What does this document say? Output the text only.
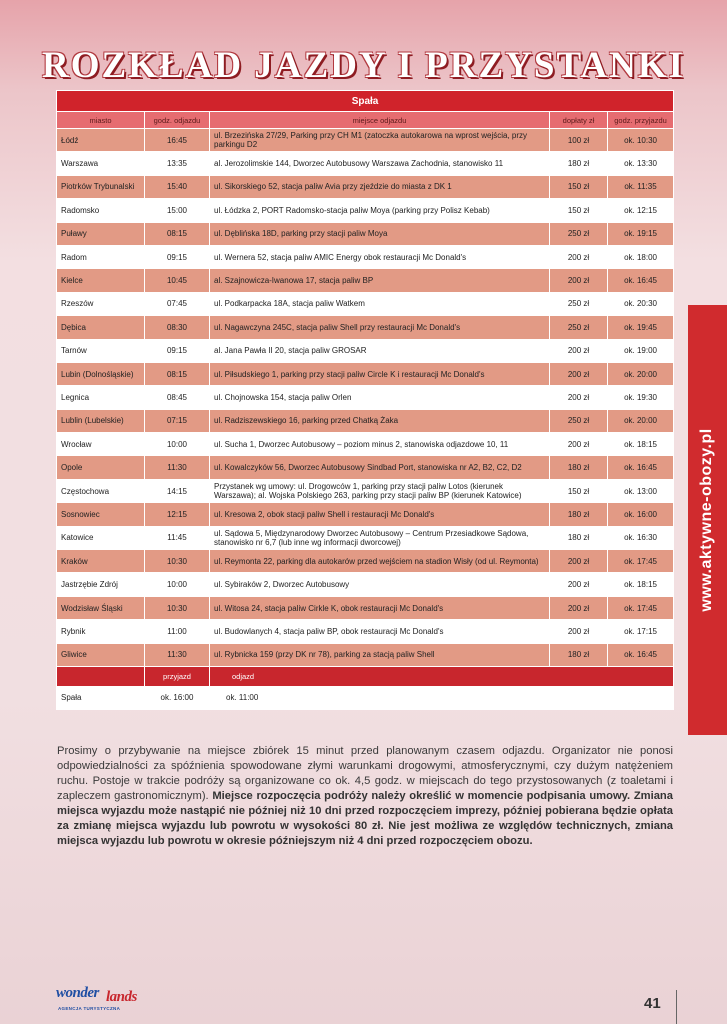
ROZKŁAD JAZDY I PRZYSTANKI
www.aktywne-obozy.pl
Spała				
miasto	godz. odjazdu	miejsce odjazdu	dopłaty zł	godz. przyjazdu
Łódź	16:45	ul. Brzezińska 27/29, Parking przy CH M1 (zatoczka autokarowa na wprost wejścia, przy parkingu D2	100 zł	ok. 10:30
Warszawa	13:35	al. Jerozolimskie 144, Dworzec Autobusowy Warszawa Zachodnia, stanowisko 11	180 zł	ok. 13:30
Piotrków Trybunalski	15:40	ul. Sikorskiego 52, stacja paliw Avia przy zjeździe do miasta z DK 1	150 zł	ok. 11:35
Radomsko	15:00	ul. Łódzka 2, PORT Radomsko-stacja paliw Moya (parking przy Polisz Kebab)	150 zł	ok. 12:15
Puławy	08:15	ul. Dęblińska 18D, parking przy stacji paliw Moya	250 zł	ok. 19:15
Radom	09:15	ul. Wernera 52, stacja paliw AMIC Energy obok restauracji Mc Donald's	200 zł	ok. 18:00
Kielce	10:45	al. Szajnowicza-Iwanowa 17, stacja paliw BP	200 zł	ok. 16:45
Rzeszów	07:45	ul. Podkarpacka 18A, stacja paliw Watkem	250 zł	ok. 20:30
Dębica	08:30	ul. Nagawczyna 245C, stacja paliw Shell przy restauracji Mc Donald's	250 zł	ok. 19:45
Tarnów	09:15	al. Jana Pawła II 20, stacja paliw GROSAR	200 zł	ok. 19:00
Lubin (Dolnośląskie)	08:15	ul. Piłsudskiego 1, parking przy stacji paliw Circle K i restauracji Mc Donald's	200 zł	ok. 20:00
Legnica	08:45	ul. Chojnowska 154, stacja paliw Orlen	200 zł	ok. 19:30
Lublin (Lubelskie)	07:15	ul. Radziszewskiego 16, parking przed Chatką Żaka	250 zł	ok. 20:00
Wrocław	10:00	ul. Sucha 1, Dworzec Autobusowy – poziom minus 2, stanowiska odjazdowe 10, 11	200 zł	ok. 18:15
Opole	11:30	ul. Kowalczyków 56, Dworzec Autobusowy Sindbad Port, stanowiska nr A2, B2, C2, D2	180 zł	ok. 16:45
Częstochowa	14:15	Przystanek wg umowy: ul. Drogowców 1, parking przy stacji paliw Lotos (kierunek Warszawa); al. Wojska Polskiego 263, parking przy stacji paliw BP (kierunek Katowice)	150 zł	ok. 13:00
Sosnowiec	12:15	ul. Kresowa 2, obok stacji paliw Shell i restauracji Mc Donald's	180 zł	ok. 16:00
Katowice	11:45	ul. Sądowa 5, Międzynarodowy Dworzec Autobusowy – Centrum Przesiadkowe Sądowa, stanowisko nr 6,7 (lub inne wg informacji dworcowej)	180 zł	ok. 16:30
Kraków	10:30	ul. Reymonta 22, parking dla autokarów przed wejściem na stadion Wisły (od ul. Reymonta)	200 zł	ok. 17:45
Jastrzębie Zdrój	10:00	ul. Sybiraków 2, Dworzec Autobusowy	200 zł	ok. 18:15
Wodzisław Śląski	10:30	ul. Witosa 24, stacja paliw Cirkle K, obok restauracji Mc Donald's	200 zł	ok. 17:45
Rybnik	11:00	ul. Budowlanych 4, stacja paliw BP, obok restauracji Mc Donald's	200 zł	ok. 17:15
Gliwice	11:30	ul. Rybnicka 159 (przy DK nr 78), parking za stacją paliw Shell	180 zł	ok. 16:45
	przyjazd	odjazd		
Spała	ok. 16:00	ok. 11:00		

Prosimy o przybywanie na miejsce zbiórek 15 minut przed planowanym czasem odjazdu. Organizator nie ponosi odpowiedzialności za spóźnienia spowodowane złymi warunkami drogowymi, atmosferycznymi, czy dużym natężeniem ruchu. Postoje w trakcie podróży są organizowane co ok. 4,5 godz. w miejscach do tego przystosowanych (z toaletami i zapleczem gastronomicznym). Miejsce rozpoczęcia podróży należy określić w momencie podpisania umowy. Zmiana miejsca wyjazdu może nastąpić nie później niż 10 dni przed rozpoczęciem imprezy, później pobierana będzie opłata za zmianę miejsca wyjazdu lub powrotu w wysokości 80 zł. Nie jest możliwa ze względów technicznych, zmiana miejsca wyjazdu lub powrotu w okresie późniejszym niż 4 dni przed rozpoczęciem obozu.

wonder lands
AGENCJA TURYSTYCZNA	41
